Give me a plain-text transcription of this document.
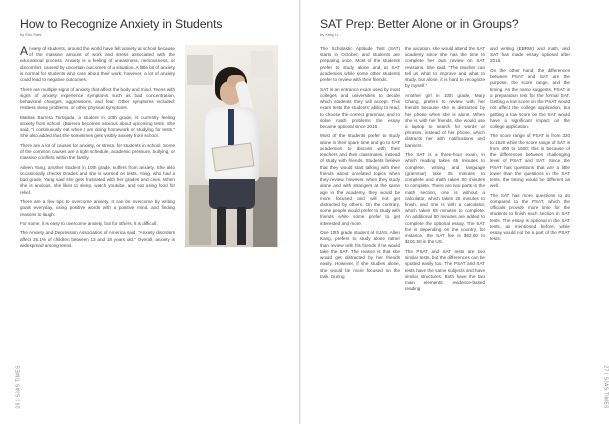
How to Recognize Anxiety in Students
by Eric Park

Anxiety of students, around the world have felt anxiety at school because of the massive amount of work and stress associated with the educational process. Anxiety is a feeling of uneasiness, nervousness, or discomfort, caused by uncertain outcomes of a situation. A little bit of anxiety is normal for students who care about their work; however, a lot of anxiety could lead to negative outcomes.

There are multiple signs of anxiety that affect the body and mind. Teens with signs of anxiety experience symptoms such as bad concentration, behavioral changes, aggressions, and fear. Other symptoms included: restless sleep problems, or other physical symptoms.

Mattias Barrera Tortajada, a student in 10th grade, is currently feeling anxiety from school. (Barrera becomes anxious about upcoming tests. She said, "I continuously eat when I am doing homework or studying for tests." She also added that she sometimes gets visibly anxiety from school.

There are a lot of causes for anxiety, or stress, for students in school. Some of the common causes are a tight schedule, academic pressure, bullying, or massive conflicts within the family.

Aileen Yang, another student in 10th grade, suffers from anxiety. She also occasionally checks Grades and she is worried on tests. Yang, who had a bad grade, Yang said she gets frustrated with her grades and cries. When she is anxious, she likes to sleep, watch youtube, and eat using food for relief.

There are a few tips to overcome anxiety. It can be overcome by writing goals everyday, using positive words with a positive mind, and finding reasons to laugh.

For some, it is easy to overcome anxiety, but for others, it is difficult.

The Anxiety and Depression Association of America said, "Anxiety disorders affect 25.1% of children between 13 and 18 years old." Overall, anxiety is widespread among teens.

26 | SJAS TIMES
SAT Prep: Better Alone or in Groups?
by Kelly Li

The Scholastic Aptitude Test (SAT) starts in October, and students are preparing once. Most of the students prefer to study alone and at SAT academies while some other students prefer to review with their friends.

SAT is an entrance exam used by most colleges and universities to decide which students they will accept. This exam tests the students' ability to read, to choose the correct grammar, and to solve math problems the essay became optional since 2016.

Most of the students prefer to study alone in their spare time and go to SAT academies to discuss with their teachers and their classmates, instead of study with friends. Students believe that they would start talking with their friends about unrelated topics when they review, however, when they study alone and with strangers at the same age in the academy, they would be more focused and will not get distracted by others. On the contrary, some people would prefer to study with friends while some prefer to get interested and more.

One 10th grade student at SJAS, Allen Kang, prefers to study alone rather than review with his friends if he would take the SAT. The reason is that she would get distracted by her friends easily. However, if she studies alone, she would be more focused on the task. During

the vacation, she would attend the SAT academy since she has the time to complete her own review on SAT revisions. She said, "The teacher can tell us what to improve and what to study, but alone, it is hard to recognize by myself."

Another girl in 10th grade, Mary Chang, prefers to review with her friends because she is distracted by her phone when she is alone. When she is with her friends, she would use a laptop to search for words or phrases, instead of her phone, which distracts her with notifications and banners.

The SAT is a three-hour exam, in which reading takes 65 minutes to complete, writing and language (grammar) take 35 minutes to complete and math takes 80 minutes to complete. There are two parts in the math section, one is without a calculator, which takes 25 minutes to finish, and one is with a calculator, which takes 55 minutes to complete. An additional 50 minutes are added to complete the optional essay. The SAT fee is depending on the country, for instance, the SAT fee is $52.50 to $101.50 in the US.

The PSAT and SAT tests are two similar tests, but the differences can be spotted easily too. The PSAT and SAT tests have the same subjects and have similar structures. Both have the two main elements: evidence-based reading

and writing (EBRW) and math, and SAT has made essay optional after 2016.

On the other hand, the differences between PSAT and SAT are the purpose, the score range, and the timing. As the name suggests, PSAT is a preparation test for the formal SAT. Getting a low score on the PSAT would not affect the college application, but getting a low score on the SAT would have a significant impact on the college application.

The score range of PSAT is from 320 to 1520 while the score range of SAT is from 400 to 1600; this is because of the differences between challenging level of PSAT and SAT. Since the PSAT has questions that are a little lower than the questions in the SAT tests, the timing would be different as well.

The SAT has more questions to do compared to the PSAT, which the officials provide more time for the students to finish each section in SAT tests. The essay is optional in the SAT tests, as mentioned before, while essay would not be a part of the PSAT tests.

27 | SJAS TIMES
